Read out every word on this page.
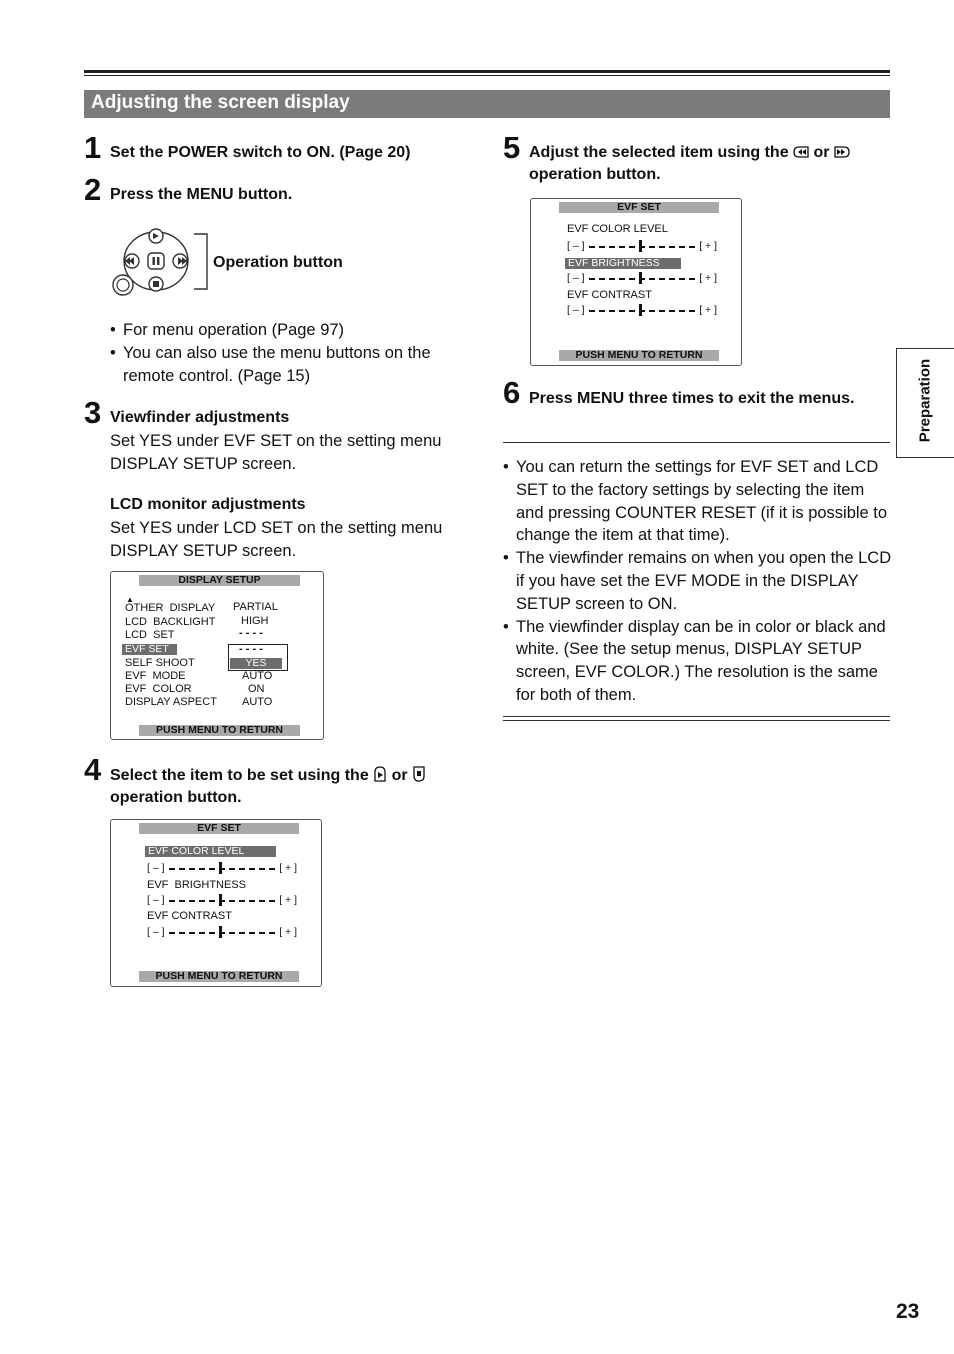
Adjusting the screen display
1 Set the POWER switch to ON. (Page 20)
2 Press the MENU button.
Operation button
• For menu operation (Page 97)
• You can also use the menu buttons on the remote control. (Page 15)
3 Viewfinder adjustments
Set YES under EVF SET on the setting menu DISPLAY SETUP screen.
LCD monitor adjustments
Set YES under LCD SET on the setting menu DISPLAY SETUP screen.
DISPLAY SETUP
▲
OTHER  DISPLAY PARTIAL
LCD  BACKLIGHT HIGH
LCD  SET	- - - -
EVF SET	- - - -
SELF SHOOT	YES
EVF  MODE	AUTO
EVF  COLOR	ON
DISPLAY ASPECT AUTO
PUSH MENU TO RETURN
4 Select the item to be set using the or
operation button.
EVF SET
EVF COLOR LEVEL
[ – ]	[ + ]
EVF  BRIGHTNESS
[ – ]	[ + ]
EVF CONTRAST
[ – ]	[ + ]
PUSH MENU TO RETURN
5 Adjust the selected item using the or
operation button.
EVF SET
EVF COLOR LEVEL
[ – ]	[ + ]
EVF BRIGHTNESS
[ – ]	[ + ]
EVF CONTRAST
[ – ]	[ + ]
PUSH MENU TO RETURN
6 Press MENU three times to exit the menus.
• You can return the settings for EVF SET and LCD SET to the factory settings by selecting the item and pressing COUNTER RESET (if it is possible to change the item at that time).
• The viewfinder remains on when you open the LCD if you have set the EVF MODE in the DISPLAY SETUP screen to ON.
• The viewfinder display can be in color or black and white. (See the setup menus, DISPLAY SETUP screen, EVF COLOR.) The resolution is the same for both of them.
Preparation
23
